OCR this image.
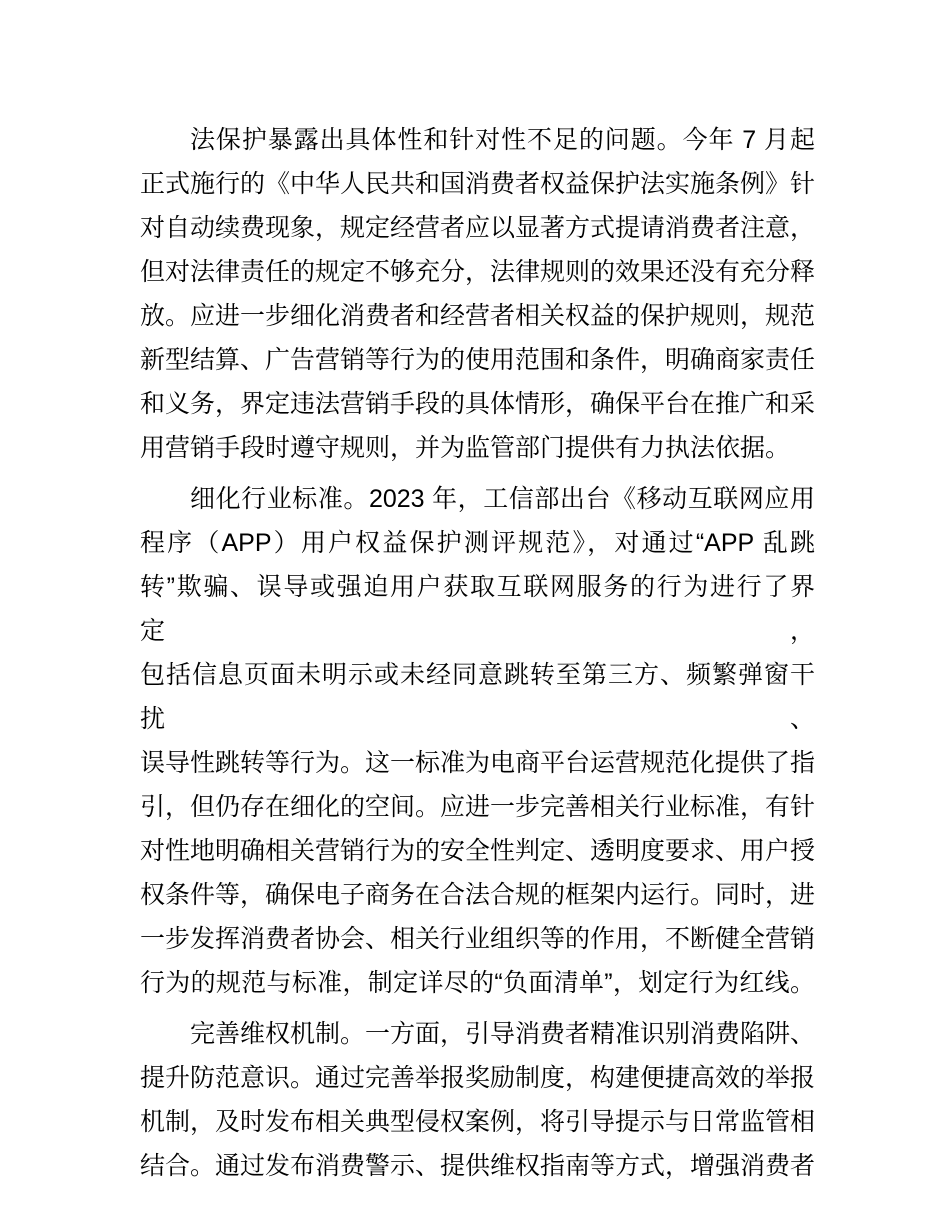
法保护暴露出具体性和针对性不足的问题。今年 7 月起
正式施行的《中华人民共和国消费者权益保护法实施条例》针
对自动续费现象，规定经营者应以显著方式提请消费者注意，
但对法律责任的规定不够充分，法律规则的效果还没有充分释
放。应进一步细化消费者和经营者相关权益的保护规则，规范
新型结算、广告营销等行为的使用范围和条件，明确商家责任
和义务，界定违法营销手段的具体情形，确保平台在推广和采
用营销手段时遵守规则，并为监管部门提供有力执法依据。

细化行业标准。2023 年，工信部出台《移动互联网应用
程序（APP）用户权益保护测评规范》，对通过“APP 乱跳
转”欺骗、误导或强迫用户获取互联网服务的行为进行了界定，
包括信息页面未明示或未经同意跳转至第三方、频繁弹窗干扰、
误导性跳转等行为。这一标准为电商平台运营规范化提供了指
引，但仍存在细化的空间。应进一步完善相关行业标准，有针
对性地明确相关营销行为的安全性判定、透明度要求、用户授
权条件等，确保电子商务在合法合规的框架内运行。同时，进
一步发挥消费者协会、相关行业组织等的作用，不断健全营销
行为的规范与标准，制定详尽的“负面清单”，划定行为红线。

完善维权机制。一方面，引导消费者精准识别消费陷阱、
提升防范意识。通过完善举报奖励制度，构建便捷高效的举报
机制，及时发布相关典型侵权案例，将引导提示与日常监管相
结合。通过发布消费警示、提供维权指南等方式，增强消费者
